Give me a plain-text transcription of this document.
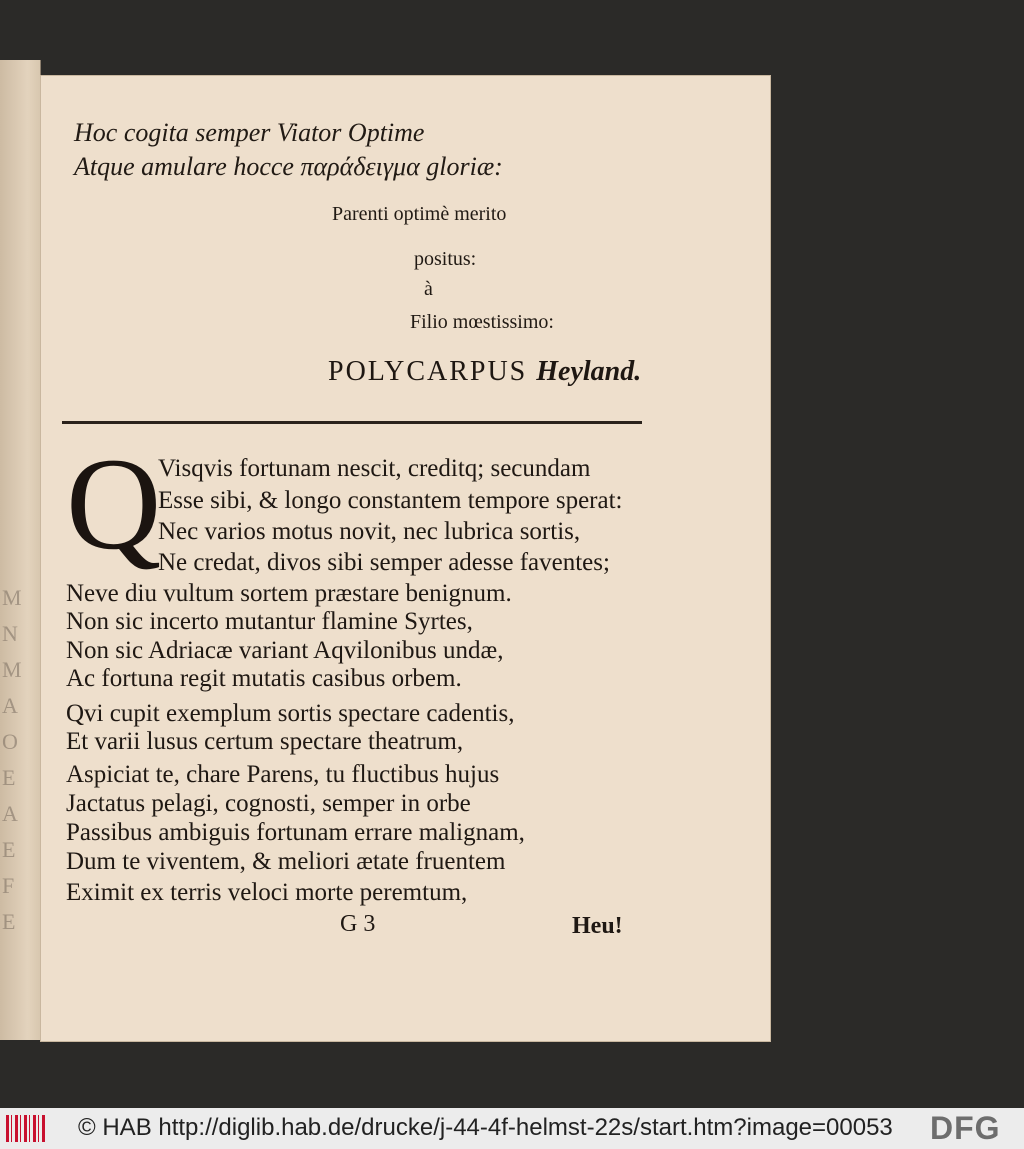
M
N
M
A
O
E
A
E
F
E
Hoc cogita semper Viator Optime
Atque amulare hocce παράδειγμα gloriæ:
Parenti optimè merito
positus:
à
Filio mœstissimo:
POLYCARPUS Heyland.
Q
Visqvis fortunam nescit, creditq; secundam
Esse sibi, & longo constantem tempore sperat:
Nec varios motus novit, nec lubrica sortis,
Ne credat, divos sibi semper adesse faventes;
Neve diu vultum sortem præstare benignum.
Non sic incerto mutantur flamine Syrtes,
Non sic Adriacæ variant Aqvilonibus undæ,
Ac fortuna regit mutatis casibus orbem.
Qvi cupit exemplum sortis spectare cadentis,
Et varii lusus certum spectare theatrum,
Aspiciat te, chare Parens, tu fluctibus hujus
Jactatus pelagi, cognosti, semper in orbe
Passibus ambiguis fortunam errare malignam,
Dum te viventem, & meliori ætate fruentem
Eximit ex terris veloci morte peremtum,
G 3	Heu!
© HAB http://diglib.hab.de/drucke/j-44-4f-helmst-22s/start.htm?image=00053 DFG
